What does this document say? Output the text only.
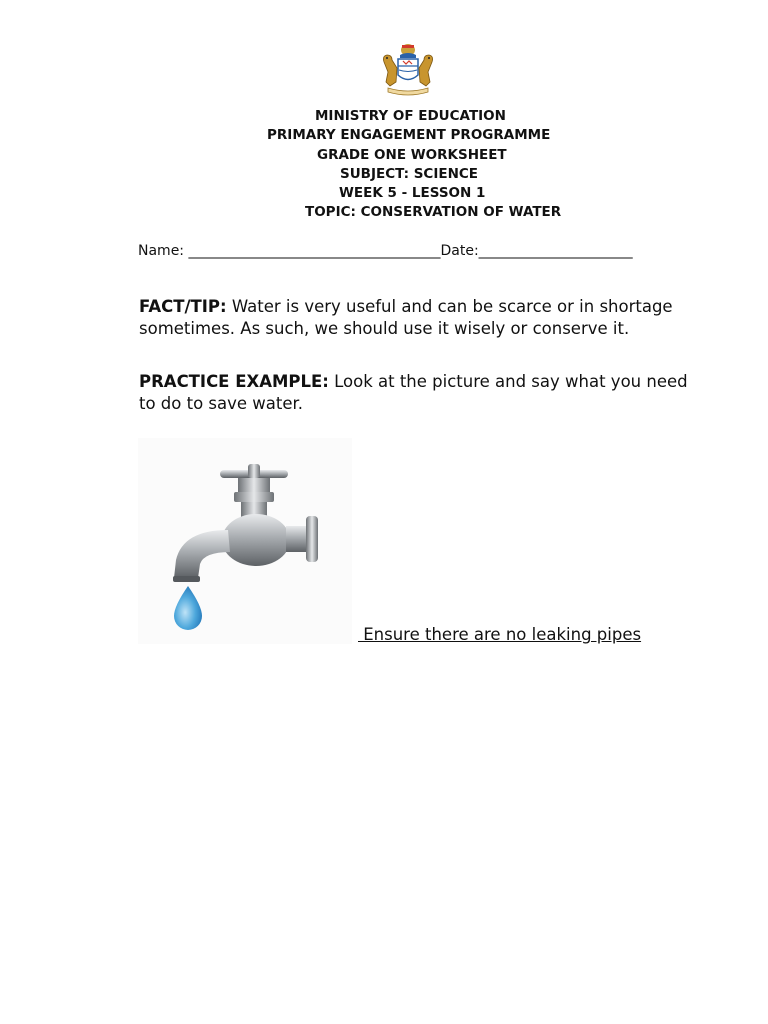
MINISTRY OF EDUCATION
PRIMARY ENGAGEMENT PROGRAMME
GRADE ONE WORKSHEET
SUBJECT: SCIENCE
WEEK 5 - LESSON 1
TOPIC: CONSERVATION OF WATER
Name: ____________________________________Date:______________________
FACT/TIP: Water is very useful and can be scarce or in shortage sometimes. As such, we should use it wisely or conserve it.
PRACTICE EXAMPLE: Look at the picture and say what you need to do to save water.
Ensure there are no leaking pipes
